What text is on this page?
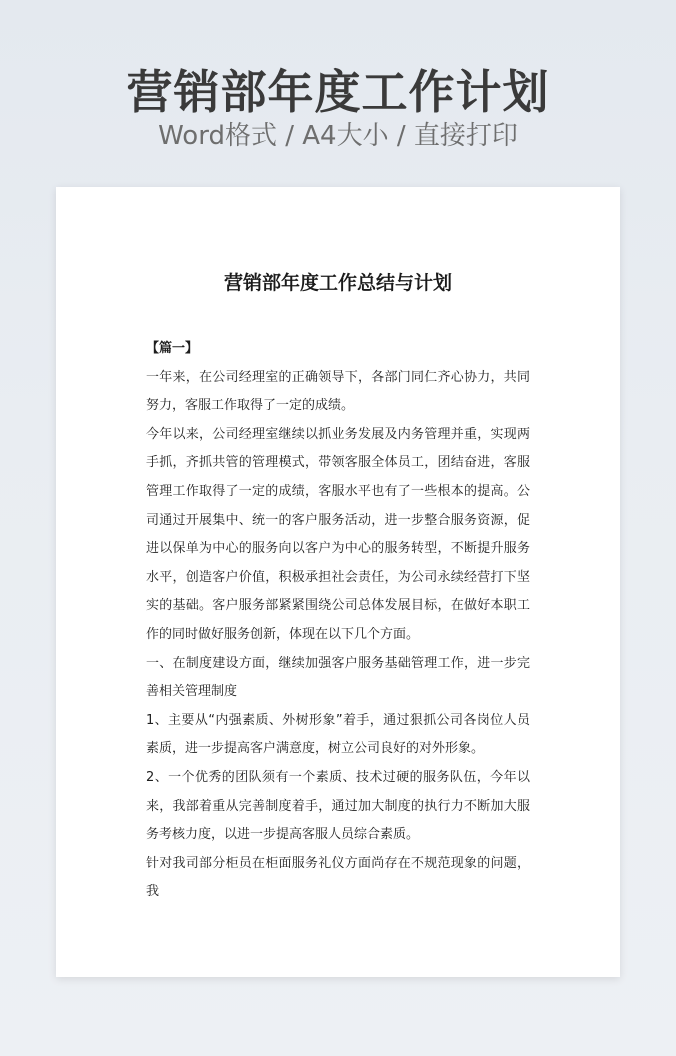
营销部年度工作计划
Word格式 / A4大小 / 直接打印
营销部年度工作总结与计划

【篇一】

一年来，在公司经理室的正确领导下，各部门同仁齐心协力，共同努力，客服工作取得了一定的成绩。

今年以来，公司经理室继续以抓业务发展及内务管理并重，实现两手抓，齐抓共管的管理模式，带领客服全体员工，团结奋进，客服管理工作取得了一定的成绩，客服水平也有了一些根本的提高。公司通过开展集中、统一的客户服务活动，进一步整合服务资源，促进以保单为中心的服务向以客户为中心的服务转型，不断提升服务水平，创造客户价值，积极承担社会责任，为公司永续经营打下坚实的基础。客户服务部紧紧围绕公司总体发展目标，在做好本职工作的同时做好服务创新，体现在以下几个方面。

一、在制度建设方面，继续加强客户服务基础管理工作，进一步完善相关管理制度

1、主要从“内强素质、外树形象”着手，通过狠抓公司各岗位人员素质，进一步提高客户满意度，树立公司良好的对外形象。

2、一个优秀的团队须有一个素质、技术过硬的服务队伍，今年以来，我部着重从完善制度着手，通过加大制度的执行力不断加大服务考核力度，以进一步提高客服人员综合素质。

针对我司部分柜员在柜面服务礼仪方面尚存在不规范现象的问题，我
